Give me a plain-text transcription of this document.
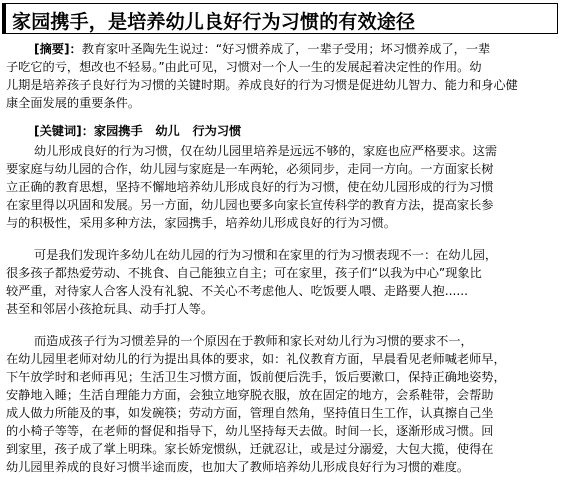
家园携手，是培养幼儿良好行为习惯的有效途径
[摘要]：教育家叶圣陶先生说过：“好习惯养成了，一辈子受用；坏习惯养成了，一辈
子吃它的亏，想改也不轻易。”由此可见，习惯对一个人一生的发展起着决定性的作用。幼
儿期是培养孩子良好行为习惯的关键时期。养成良好的行为习惯是促进幼儿智力、能力和身心健
康全面发展的重要条件。
[关键词]：家园携手   幼儿   行为习惯
幼儿形成良好的行为习惯，仅在幼儿园里培养是远远不够的，家庭也应严格要求。这需
要家庭与幼儿园的合作，幼儿园与家庭是一车两轮，必须同步，走同一方向。一方面家长树
立正确的教育思想，坚持不懈地培养幼儿形成良好的行为习惯，使在幼儿园形成的行为习惯
在家里得以巩固和发展。另一方面，幼儿园也要多向家长宣传科学的教育方法，提高家长参
与的积极性，采用多种方法，家园携手，培养幼儿形成良好的行为习惯。
可是我们发现许多幼儿在幼儿园的行为习惯和在家里的行为习惯表现不一：在幼儿园，
很多孩子都热爱劳动、不挑食、自己能独立自主；可在家里，孩子们“以我为中心”现象比
较严重，对待家人合客人没有礼貌、不关心不考虑他人、吃饭要人喂、走路要人抱......
甚至和邻居小孩抢玩具、动手打人等。
而造成孩子行为习惯差异的一个原因在于教师和家长对幼儿行为习惯的要求不一，
在幼儿园里老师对幼儿的行为提出具体的要求，如：礼仪教育方面，早晨看见老师喊老师早，
下午放学时和老师再见；生活卫生习惯方面，饭前便后洗手，饭后要漱口，保持正确地姿势，
安静地入睡；生活自理能力方面，会独立地穿脱衣服，放在固定的地方，会系鞋带，会帮助
成人做力所能及的事，如发碗筷；劳动方面，管理自然角，坚持值日生工作，认真擦自己坐
的小椅子等等，在老师的督促和指导下，幼儿坚持每天去做。时间一长，逐渐形成习惯。回
到家里，孩子成了掌上明珠。家长娇宠惯纵，迁就忍让，或是过分溺爱，大包大揽，使得在
幼儿园里养成的良好习惯半途而废，也加大了教师培养幼儿形成良好行为习惯的难度。
